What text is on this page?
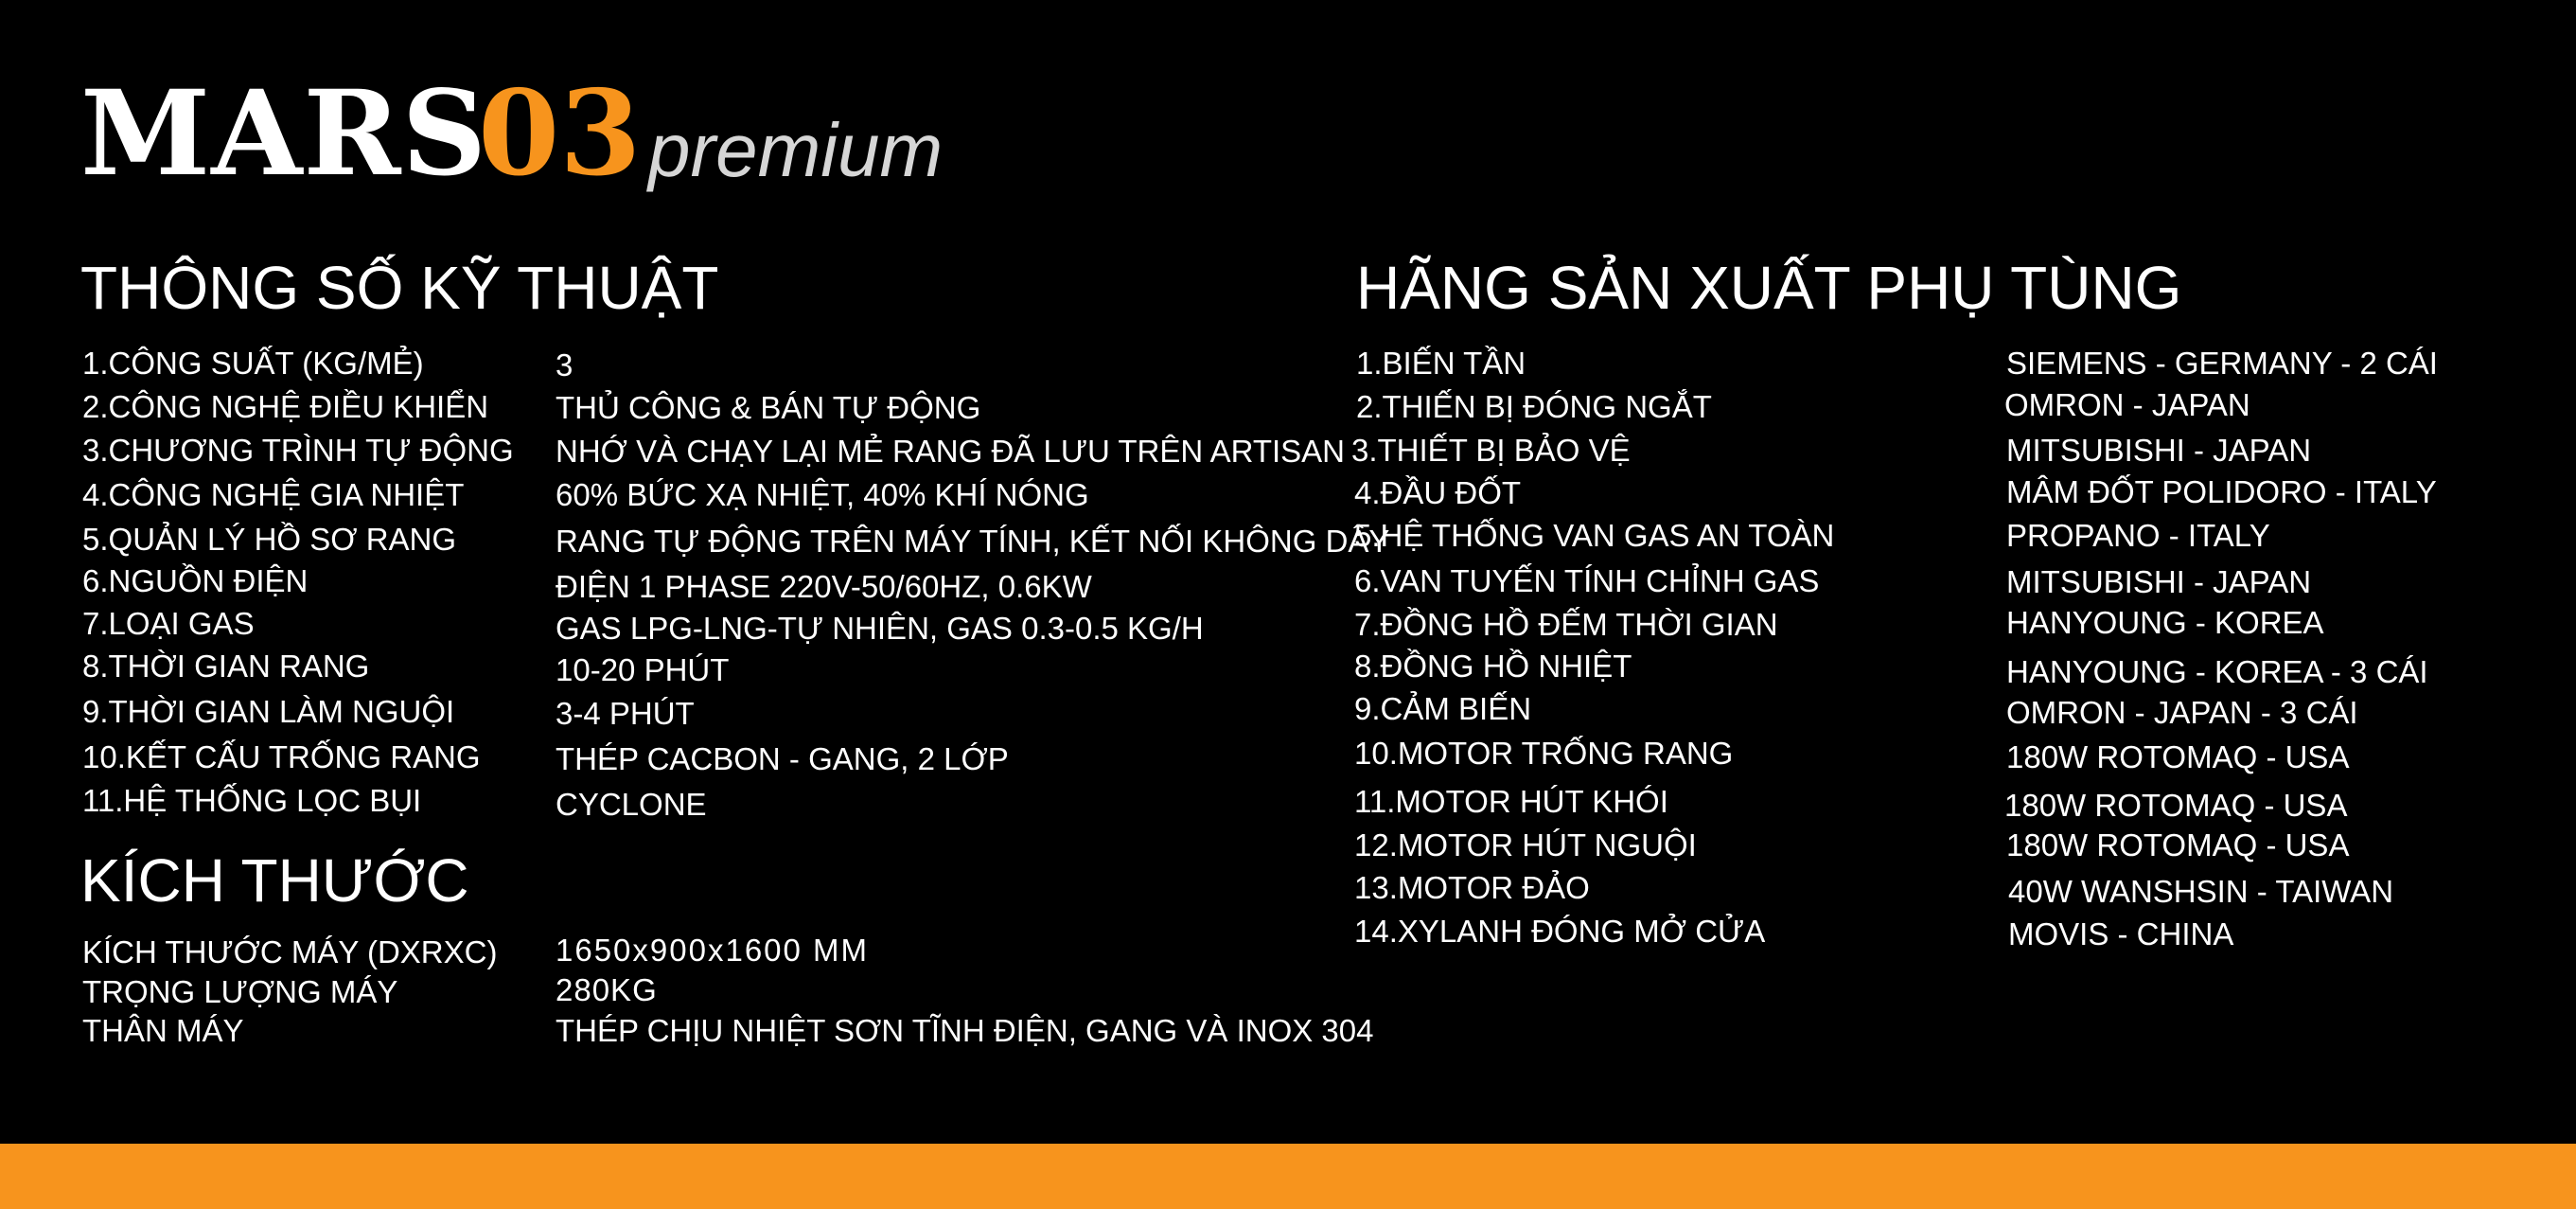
MARS
03 premium
THÔNG SỐ KỸ THUẬT	HÃNG SẢN XUẤT PHỤ TÙNG
KÍCH THƯỚC
1.CÔNG SUẤT (KG/MẺ)
2.CÔNG NGHỆ ĐIỀU KHIỂN
3.CHƯƠNG TRÌNH TỰ ĐỘNG
4.CÔNG NGHỆ GIA NHIỆT
5.QUẢN LÝ HỒ SƠ RANG
6.NGUỒN ĐIỆN
7.LOẠI GAS
8.THỜI GIAN RANG
9.THỜI GIAN LÀM NGUỘI
10.KẾT CẤU TRỐNG RANG
11.HỆ THỐNG LỌC BỤI
3
THỦ CÔNG & BÁN TỰ ĐỘNG
NHỚ VÀ CHẠY LẠI MẺ RANG ĐÃ LƯU TRÊN ARTISAN
60% BỨC XẠ NHIỆT, 40% KHÍ NÓNG
RANG TỰ ĐỘNG TRÊN MÁY TÍNH, KẾT NỐI KHÔNG DÂY
ĐIỆN 1 PHASE 220V-50/60HZ, 0.6KW
GAS LPG-LNG-TỰ NHIÊN, GAS 0.3-0.5 KG/H
10-20 PHÚT
3-4 PHÚT
THÉP CACBON - GANG, 2 LỚP
CYCLONE
KÍCH THƯỚC MÁY (DXRXC)
TRỌNG LƯỢNG MÁY
THÂN MÁY
1650x900x1600 MM
280KG
THÉP CHỊU NHIỆT SƠN TĨNH ĐIỆN, GANG VÀ INOX 304
1.BIẾN TẦN
2.THIẾN BỊ ĐÓNG NGẮT
3.THIẾT BỊ BẢO VỆ
4.ĐẦU ĐỐT
5.HỆ THỐNG VAN GAS AN TOÀN
6.VAN TUYẾN TÍNH CHỈNH GAS
7.ĐỒNG HỒ ĐẾM THỜI GIAN
8.ĐỒNG HỒ NHIỆT
9.CẢM BIẾN
10.MOTOR TRỐNG RANG
11.MOTOR HÚT KHÓI
12.MOTOR HÚT NGUỘI
13.MOTOR ĐẢO
14.XYLANH ĐÓNG MỞ CỬA
SIEMENS - GERMANY - 2 CÁI
OMRON - JAPAN
MITSUBISHI - JAPAN
MÂM ĐỐT POLIDORO - ITALY
PROPANO - ITALY
MITSUBISHI - JAPAN
HANYOUNG - KOREA
HANYOUNG - KOREA - 3 CÁI
OMRON - JAPAN - 3 CÁI
180W ROTOMAQ - USA
180W ROTOMAQ - USA
180W ROTOMAQ - USA
40W WANSHSIN - TAIWAN
MOVIS - CHINA
